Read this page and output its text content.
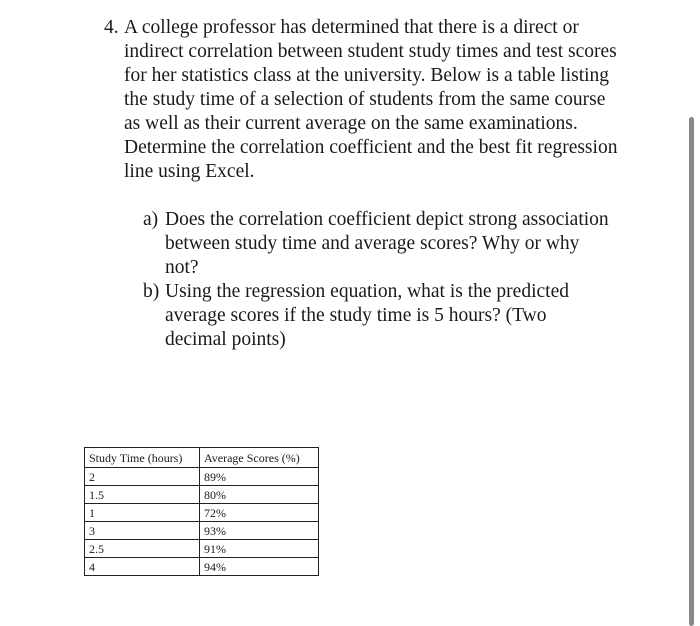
4. A college professor has determined that there is a direct or indirect correlation between student study times and test scores for her statistics class at the university. Below is a table listing the study time of a selection of students from the same course as well as their current average on the same examinations. Determine the correlation coefficient and the best fit regression line using Excel.
a) Does the correlation coefficient depict strong association between study time and average scores? Why or why not?
b) Using the regression equation, what is the predicted average scores if the study time is 5 hours? (Two decimal points)
Study Time (hours)	Average Scores (%)
2	89%
1.5	80%
1	72%
3	93%
2.5	91%
4	94%
